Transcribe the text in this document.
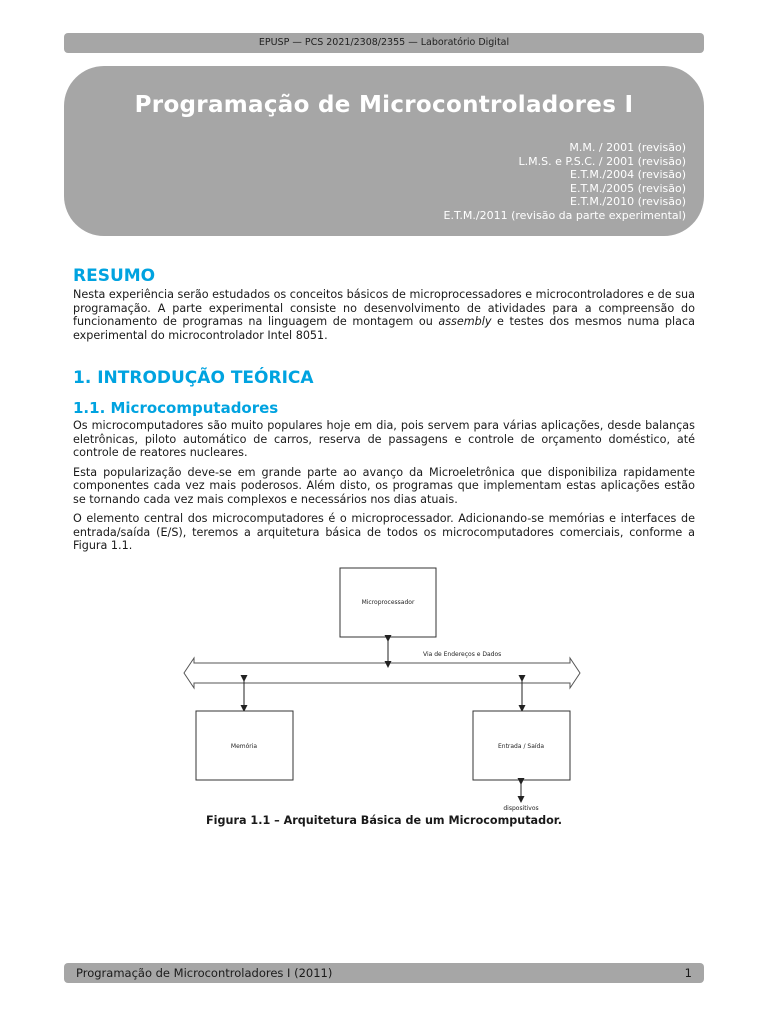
EPUSP — PCS 2021/2308/2355 — Laboratório Digital
Programação de Microcontroladores I
M.M. / 2001 (revisão)
L.M.S. e P.S.C. / 2001 (revisão)
E.T.M./2004 (revisão)
E.T.M./2005 (revisão)
E.T.M./2010 (revisão)
E.T.M./2011 (revisão da parte experimental)
RESUMO

Nesta experiência serão estudados os conceitos básicos de microprocessadores e microcontroladores e de sua programação. A parte experimental consiste no desenvolvimento de atividades para a compreensão do funcionamento de programas na linguagem de montagem ou assembly e testes dos mesmos numa placa experimental do microcontrolador Intel 8051.

1. INTRODUÇÃO TEÓRICA
1.1. Microcomputadores

Os microcomputadores são muito populares hoje em dia, pois servem para várias aplicações, desde balanças eletrônicas, piloto automático de carros, reserva de passagens e controle de orçamento doméstico, até controle de reatores nucleares.

Esta popularização deve-se em grande parte ao avanço da Microeletrônica que disponibiliza rapidamente componentes cada vez mais poderosos. Além disto, os programas que implementam estas aplicações estão se tornando cada vez mais complexos e necessários nos dias atuais.

O elemento central dos microcomputadores é o microprocessador. Adicionando-se memórias e interfaces de entrada/saída (E/S), teremos a arquitetura básica de todos os microcomputadores comerciais, conforme a Figura 1.1.

Microprocessador
Via de Endereços e Dados
Memória	Entrada / Saída
dispositivos
Figura 1.1 – Arquitetura Básica de um Microcomputador.
Programação de Microcontroladores I (2011)	1
